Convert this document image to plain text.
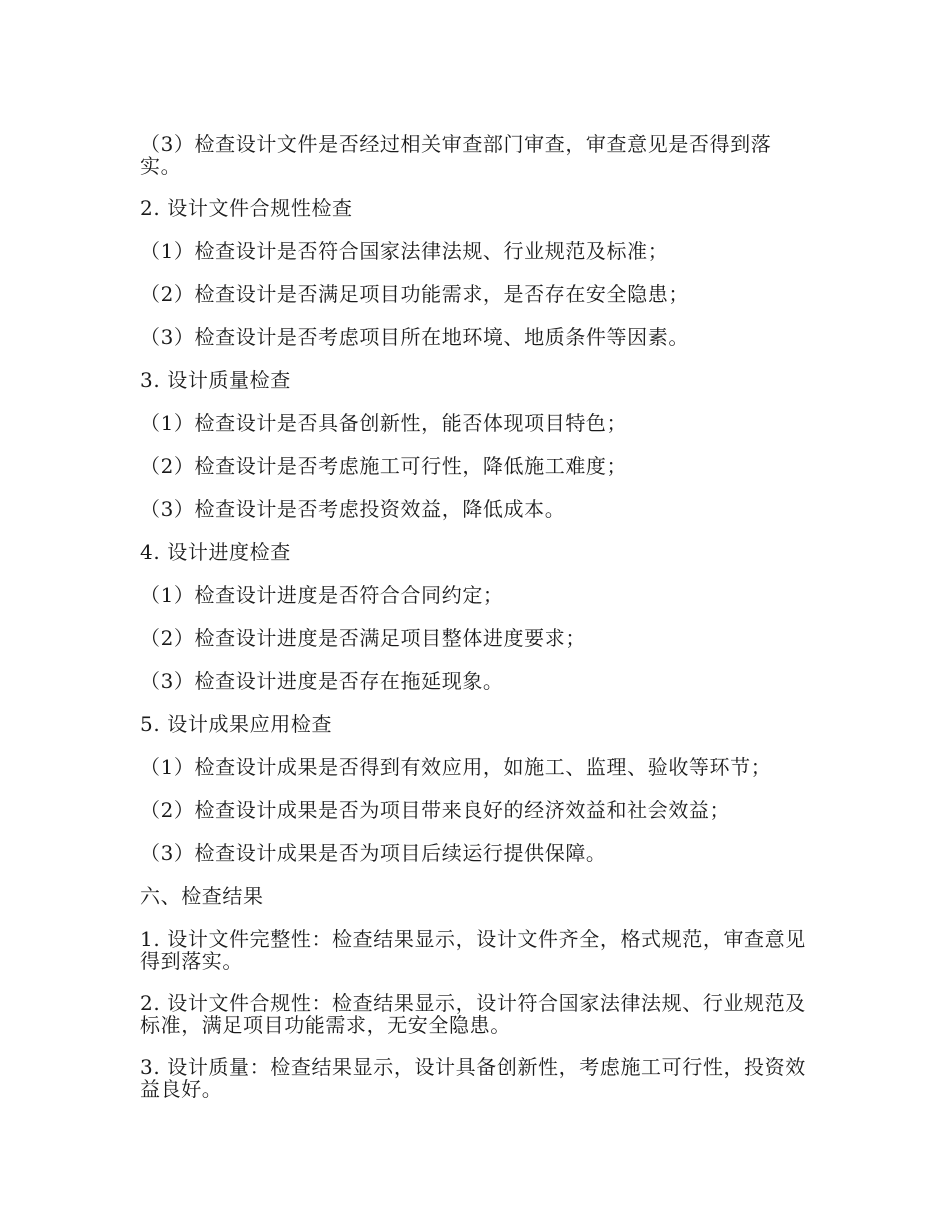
（3）检查设计文件是否经过相关审查部门审查，审查意见是否得到落实。

2. 设计文件合规性检查

（1）检查设计是否符合国家法律法规、行业规范及标准；

（2）检查设计是否满足项目功能需求，是否存在安全隐患；

（3）检查设计是否考虑项目所在地环境、地质条件等因素。

3. 设计质量检查

（1）检查设计是否具备创新性，能否体现项目特色；

（2）检查设计是否考虑施工可行性，降低施工难度；

（3）检查设计是否考虑投资效益，降低成本。

4. 设计进度检查

（1）检查设计进度是否符合合同约定；

（2）检查设计进度是否满足项目整体进度要求；

（3）检查设计进度是否存在拖延现象。

5. 设计成果应用检查

（1）检查设计成果是否得到有效应用，如施工、监理、验收等环节；

（2）检查设计成果是否为项目带来良好的经济效益和社会效益；

（3）检查设计成果是否为项目后续运行提供保障。

六、检查结果

1. 设计文件完整性：检查结果显示，设计文件齐全，格式规范，审查意见得到落实。

2. 设计文件合规性：检查结果显示，设计符合国家法律法规、行业规范及标准，满足项目功能需求，无安全隐患。

3. 设计质量：检查结果显示，设计具备创新性，考虑施工可行性，投资效益良好。
